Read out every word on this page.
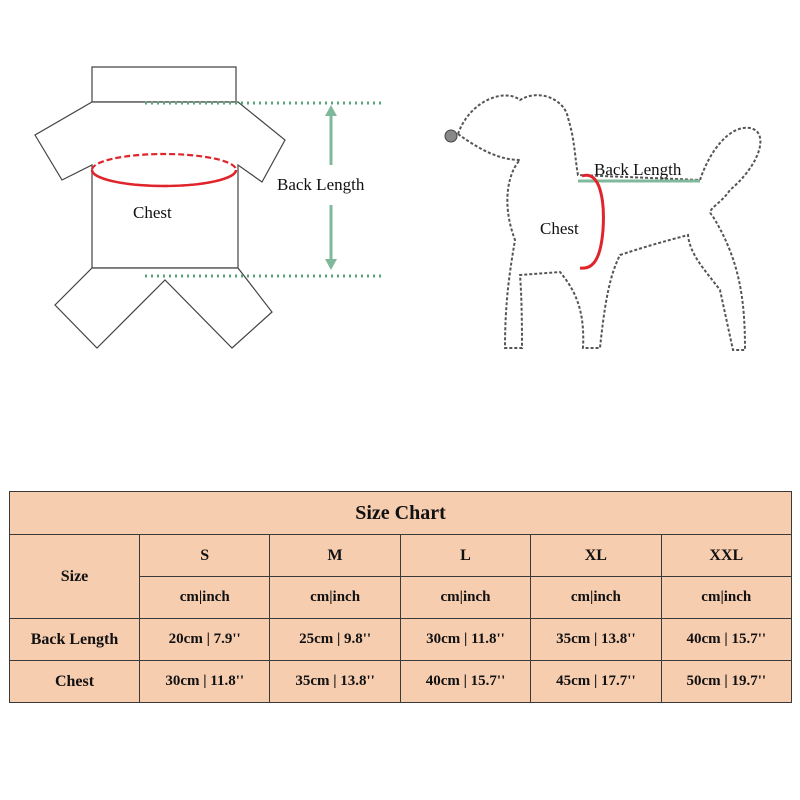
Chest
Back Length
Back Length
Chest
Size Chart					
Size	S	M	L	XL	XXL
	cm|inch	cm|inch	cm|inch	cm|inch	cm|inch
Back Length	20cm | 7.9''	25cm | 9.8''	30cm | 11.8''	35cm | 13.8''	40cm | 15.7''
Chest	30cm | 11.8''	35cm | 13.8''	40cm | 15.7''	45cm | 17.7''	50cm | 19.7''
